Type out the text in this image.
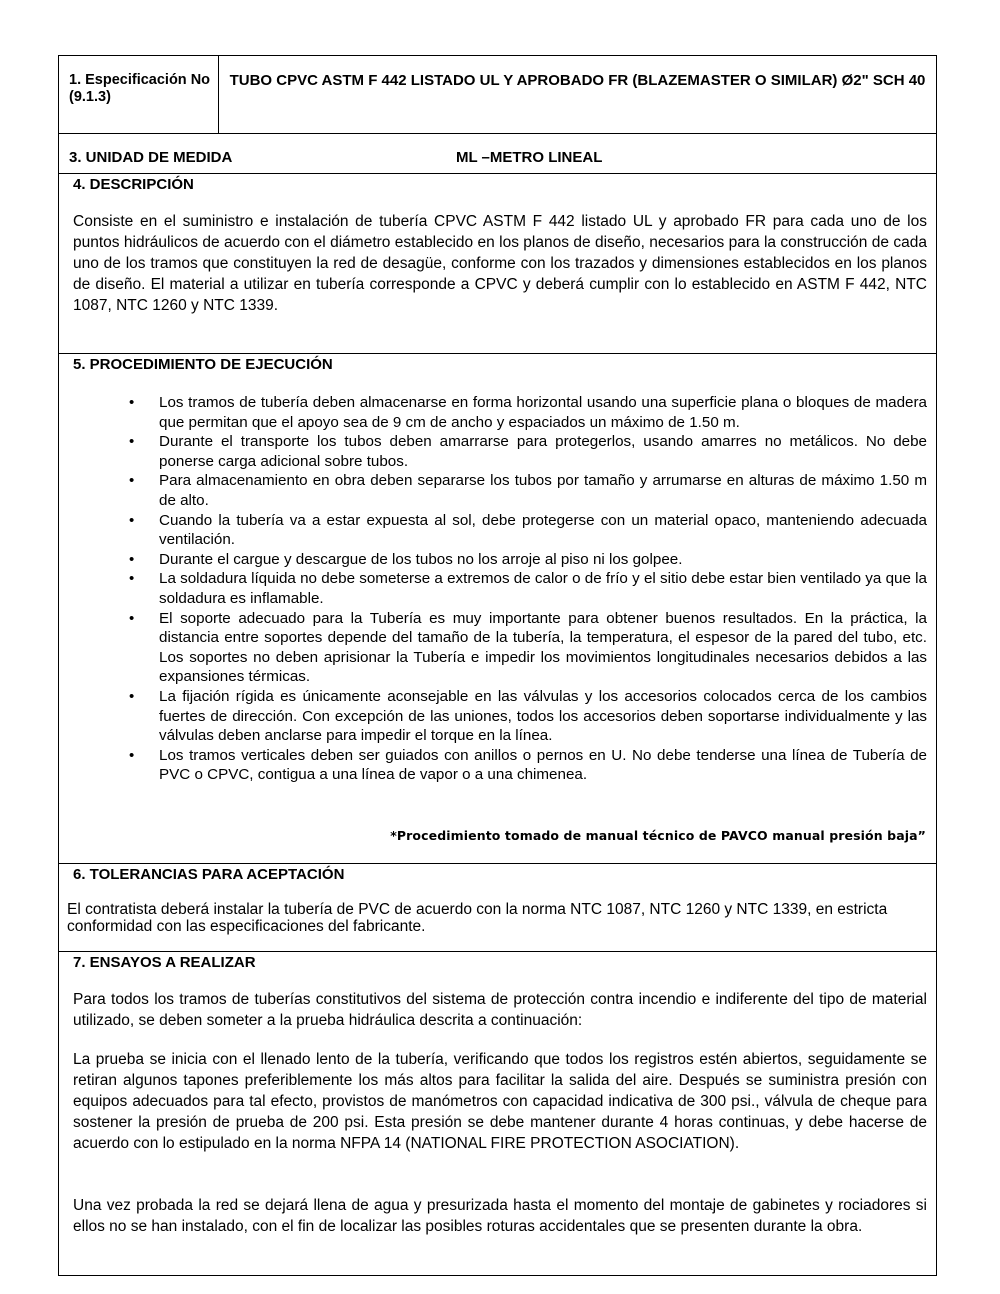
1. Especificación No (9.1.3)
TUBO CPVC ASTM F 442 LISTADO UL Y APROBADO FR (BLAZEMASTER O SIMILAR) Ø2" SCH 40
3. UNIDAD DE MEDIDA	ML –METRO LINEAL
4. DESCRIPCIÓN

Consiste en el suministro e instalación de tubería CPVC ASTM F 442 listado UL y aprobado FR para cada uno de los puntos hidráulicos de acuerdo con el diámetro establecido en los planos de diseño, necesarios para la construcción de cada uno de los tramos que constituyen la red de desagüe, conforme con los trazados y dimensiones establecidos en los planos de diseño. El material a utilizar en tubería corresponde a CPVC y deberá cumplir con lo establecido en ASTM F 442, NTC 1087, NTC 1260 y NTC 1339.

5. PROCEDIMIENTO DE EJECUCIÓN
• Los tramos de tubería deben almacenarse en forma horizontal usando una superficie plana o bloques de madera que permitan que el apoyo sea de 9 cm de ancho y espaciados un máximo de 1.50 m.
• Durante el transporte los tubos deben amarrarse para protegerlos, usando amarres no metálicos. No debe ponerse carga adicional sobre tubos.
• Para almacenamiento en obra deben separarse los tubos por tamaño y arrumarse en alturas de máximo 1.50 m de alto.
• Cuando la tubería va a estar expuesta al sol, debe protegerse con un material opaco, manteniendo adecuada ventilación.
• Durante el cargue y descargue de los tubos no los arroje al piso ni los golpee.
• La soldadura líquida no debe someterse a extremos de calor o de frío y el sitio debe estar bien ventilado ya que la soldadura es inflamable.
• El soporte adecuado para la Tubería es muy importante para obtener buenos resultados. En la práctica, la distancia entre soportes depende del tamaño de la tubería, la temperatura, el espesor de la pared del tubo, etc. Los soportes no deben aprisionar la Tubería e impedir los movimientos longitudinales necesarios debidos a las expansiones térmicas.
• La fijación rígida es únicamente aconsejable en las válvulas y los accesorios colocados cerca de los cambios fuertes de dirección. Con excepción de las uniones, todos los accesorios deben soportarse individualmente y las válvulas deben anclarse para impedir el torque en la línea.
• Los tramos verticales deben ser guiados con anillos o pernos en U. No debe tenderse una línea de Tubería de PVC o CPVC, contigua a una línea de vapor o a una chimenea.
*Procedimiento tomado de manual técnico de PAVCO manual presión baja”
6. TOLERANCIAS PARA ACEPTACIÓN

El contratista deberá instalar la tubería de PVC de acuerdo con la norma NTC 1087, NTC 1260 y NTC 1339, en estricta conformidad con las especificaciones del fabricante.

7. ENSAYOS A REALIZAR

Para todos los tramos de tuberías constitutivos del sistema de protección contra incendio e indiferente del tipo de material utilizado, se deben someter a la prueba hidráulica descrita a continuación:

La prueba se inicia con el llenado lento de la tubería, verificando que todos los registros estén abiertos, seguidamente se retiran algunos tapones preferiblemente los más altos para facilitar la salida del aire. Después se suministra presión con equipos adecuados para tal efecto, provistos de manómetros con capacidad indicativa de 300 psi., válvula de cheque para sostener la presión de prueba de 200 psi. Esta presión se debe mantener durante 4 horas continuas, y debe hacerse de acuerdo con lo estipulado en la norma NFPA 14 (NATIONAL FIRE PROTECTION ASOCIATION).

Una vez probada la red se dejará llena de agua y presurizada hasta el momento del montaje de gabinetes y rociadores si ellos no se han instalado, con el fin de localizar las posibles roturas accidentales que se presenten durante la obra.
